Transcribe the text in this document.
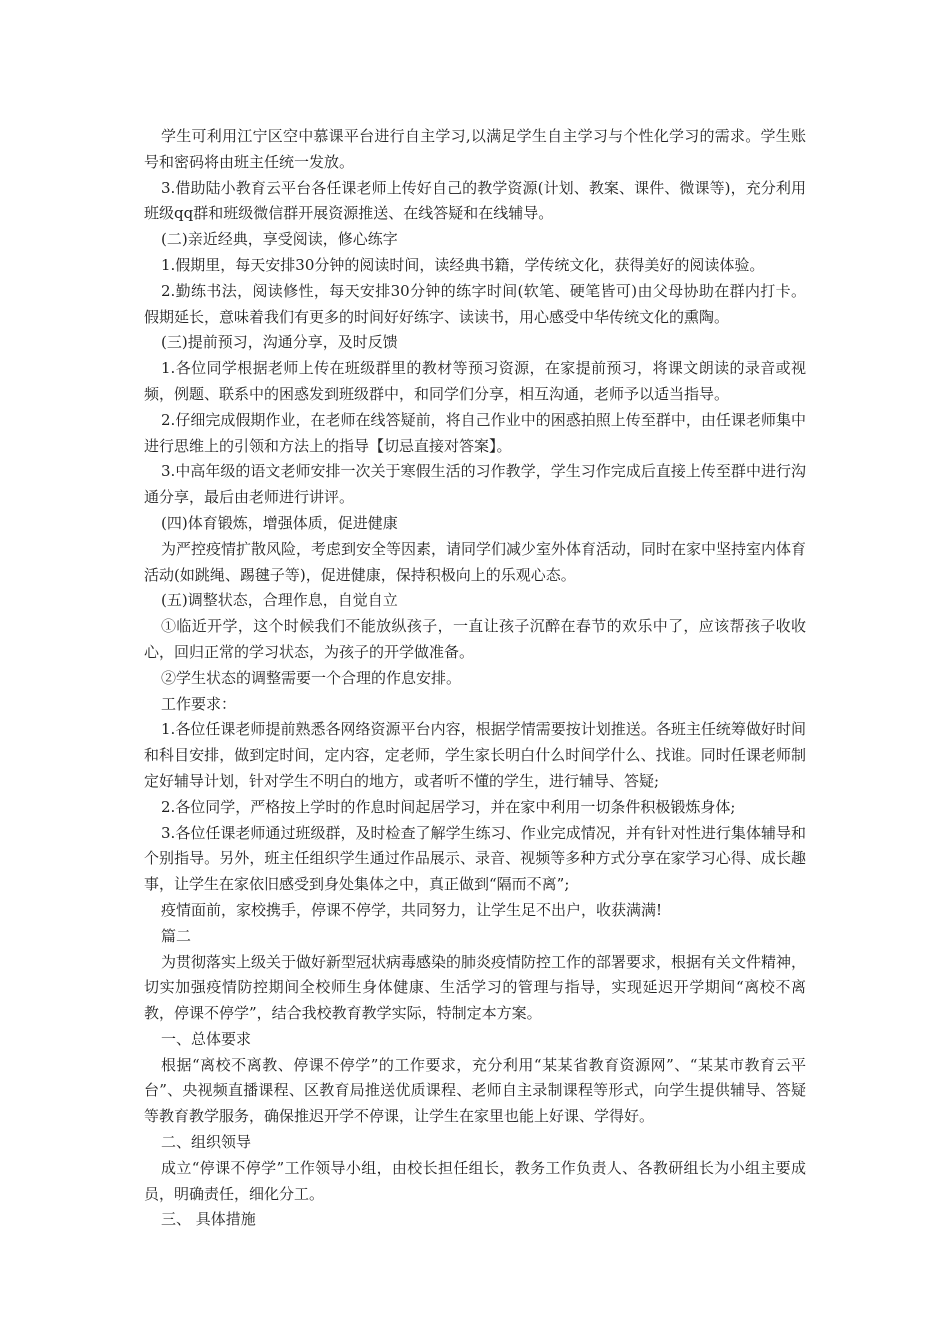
学生可利用江宁区空中慕课平台进行自主学习,以满足学生自主学习与个性化学习的需求。学生账号和密码将由班主任统一发放。

3.借助陆小教育云平台各任课老师上传好自己的教学资源(计划、教案、课件、微课等)，充分利用班级qq群和班级微信群开展资源推送、在线答疑和在线辅导。

(二)亲近经典，享受阅读，修心练字

1.假期里，每天安排30分钟的阅读时间，读经典书籍，学传统文化，获得美好的阅读体验。

2.勤练书法，阅读修性，每天安排30分钟的练字时间(软笔、硬笔皆可)由父母协助在群内打卡。假期延长，意味着我们有更多的时间好好练字、读读书，用心感受中华传统文化的熏陶。

(三)提前预习，沟通分享，及时反馈

1.各位同学根据老师上传在班级群里的教材等预习资源，在家提前预习，将课文朗读的录音或视频，例题、联系中的困惑发到班级群中，和同学们分享，相互沟通，老师予以适当指导。

2.仔细完成假期作业，在老师在线答疑前，将自己作业中的困惑拍照上传至群中，由任课老师集中进行思维上的引领和方法上的指导【切忌直接对答案】。

3.中高年级的语文老师安排一次关于寒假生活的习作教学，学生习作完成后直接上传至群中进行沟通分享，最后由老师进行讲评。

(四)体育锻炼，增强体质，促进健康

为严控疫情扩散风险，考虑到安全等因素，请同学们减少室外体育活动，同时在家中坚持室内体育活动(如跳绳、踢毽子等)，促进健康，保持积极向上的乐观心态。

(五)调整状态，合理作息，自觉自立

①临近开学，这个时候我们不能放纵孩子，一直让孩子沉醉在春节的欢乐中了，应该帮孩子收收心，回归正常的学习状态，为孩子的开学做准备。

②学生状态的调整需要一个合理的作息安排。

工作要求：

1.各位任课老师提前熟悉各网络资源平台内容，根据学情需要按计划推送。各班主任统筹做好时间和科目安排，做到定时间，定内容，定老师，学生家长明白什么时间学什么、找谁。同时任课老师制定好辅导计划，针对学生不明白的地方，或者听不懂的学生，进行辅导、答疑;

2.各位同学，严格按上学时的作息时间起居学习，并在家中利用一切条件积极锻炼身体;

3.各位任课老师通过班级群，及时检查了解学生练习、作业完成情况，并有针对性进行集体辅导和个别指导。另外，班主任组织学生通过作品展示、录音、视频等多种方式分享在家学习心得、成长趣事，让学生在家依旧感受到身处集体之中，真正做到“隔而不离”;

疫情面前，家校携手，停课不停学，共同努力，让学生足不出户，收获满满!

篇二

为贯彻落实上级关于做好新型冠状病毒感染的肺炎疫情防控工作的部署要求，根据有关文件精神，切实加强疫情防控期间全校师生身体健康、生活学习的管理与指导，实现延迟开学期间“离校不离教，停课不停学”，结合我校教育教学实际，特制定本方案。

一、总体要求

根据“离校不离教、停课不停学”的工作要求，充分利用“某某省教育资源网”、“某某市教育云平台”、央视频直播课程、区教育局推送优质课程、老师自主录制课程等形式，向学生提供辅导、答疑等教育教学服务，确保推迟开学不停课，让学生在家里也能上好课、学得好。

二、组织领导

成立“停课不停学”工作领导小组，由校长担任组长，教务工作负责人、各教研组长为小组主要成员，明确责任，细化分工。

三、 具体措施
